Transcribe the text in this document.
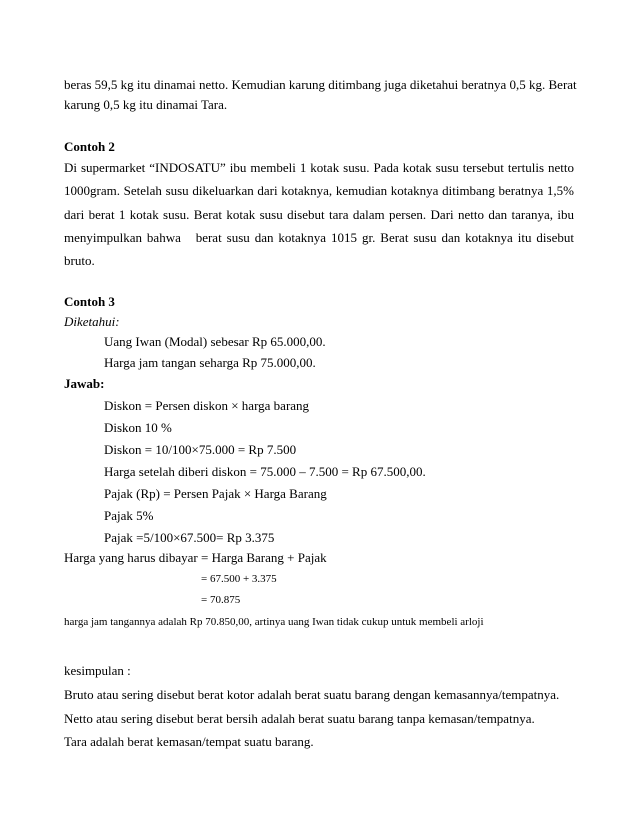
beras 59,5 kg itu dinamai netto. Kemudian karung ditimbang juga diketahui beratnya 0,5 kg. Berat
karung 0,5 kg itu dinamai Tara.
Contoh 2
Di supermarket “INDOSATU” ibu membeli 1 kotak susu. Pada kotak susu tersebut tertulis netto
1000gram. Setelah susu dikeluarkan dari kotaknya, kemudian kotaknya ditimbang beratnya 1,5%
dari berat 1 kotak susu. Berat kotak susu disebut tara dalam persen. Dari netto dan taranya, ibu
menyimpulkan bahwa   berat susu dan kotaknya 1015 gr. Berat susu dan kotaknya itu disebut
bruto.
Contoh 3
Diketahui:
Uang Iwan (Modal) sebesar Rp 65.000,00.
Harga jam tangan seharga Rp 75.000,00.
Jawab:
Diskon = Persen diskon × harga barang
Diskon 10 %
Diskon = 10/100×75.000 = Rp 7.500
Harga setelah diberi diskon = 75.000 – 7.500 = Rp 67.500,00.
Pajak (Rp) = Persen Pajak × Harga Barang
Pajak 5%
Pajak =5/100×67.500= Rp 3.375
Harga yang harus dibayar = Harga Barang + Pajak
= 67.500 + 3.375
= 70.875
harga jam tangannya adalah Rp 70.850,00, artinya uang Iwan tidak cukup untuk membeli arloji
kesimpulan :
Bruto atau sering disebut berat kotor adalah berat suatu barang dengan kemasannya/tempatnya.
Netto atau sering disebut berat bersih adalah berat suatu barang tanpa kemasan/tempatnya.
Tara adalah berat kemasan/tempat suatu barang.
